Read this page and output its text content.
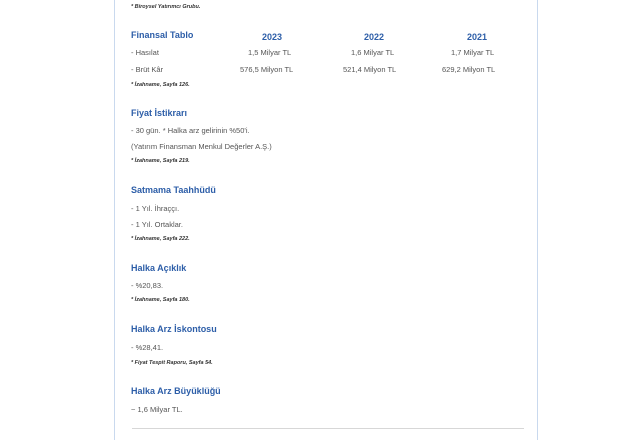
* Biroysel Yatırımcı Grubu.
Finansal Tablo	2023	2022	2021
- Hasılat	1,5 Milyar TL	1,6 Milyar TL	1,7 Milyar TL
- Brüt Kâr	576,5 Milyon TL	521,4 Milyon TL	629,2 Milyon TL
* İzahname, Sayfa 126.
Fiyat İstikrarı
- 30 gün. * Halka arz gelirinin %50'i.
(Yatırım Finansman Menkul Değerler A.Ş.)
* İzahname, Sayfa 219.
Satmama Taahhüdü
- 1 Yıl. İhraççı.
- 1 Yıl. Ortaklar.
* İzahname, Sayfa 222.
Halka Açıklık
- %20,83.
* İzahname, Sayfa 180.
Halka Arz İskontosu
- %28,41.
* Fiyat Tespit Raporu, Sayfa 54.
Halka Arz Büyüklüğü
~ 1,6 Milyar TL.
